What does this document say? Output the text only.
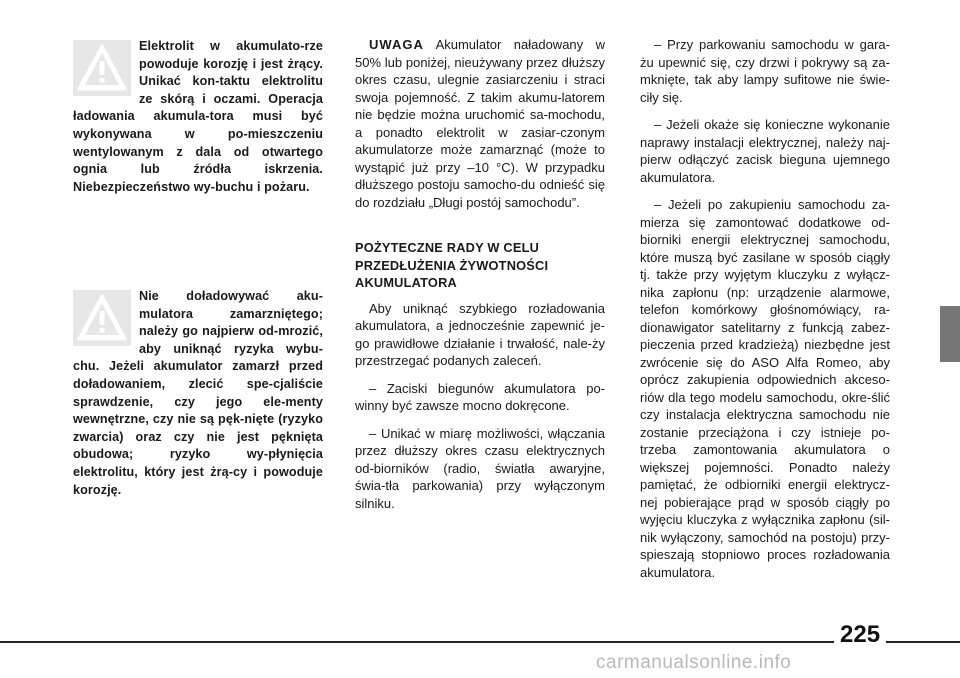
Elektrolit w akumulato-rze powoduje korozję i jest żrący. Unikać kon-taktu elektrolitu ze skórą i oczami. Operacja ładowania akumula-tora musi być wykonywana w po-mieszczeniu wentylowanym z dala od otwartego ognia lub źródła iskrzenia. Niebezpieczeństwo wy-buchu i pożaru.
Nie doładowywać aku-mulatora zamarzniętego; należy go najpierw od-mrozić, aby uniknąć ryzyka wybu-chu. Jeżeli akumulator zamarzł przed doładowaniem, zlecić spe-cjaliście sprawdzenie, czy jego ele-menty wewnętrzne, czy nie są pęk-nięte (ryzyko zwarcia) oraz czy nie jest pęknięta obudowa; ryzyko wy-płynięcia elektrolitu, który jest żrą-cy i powoduje korozję.

UWAGA Akumulator naładowany w 50% lub poniżej, nieużywany przez dłuższy okres czasu, ulegnie zasiarczeniu i straci swoja pojemność. Z takim akumu-latorem nie będzie można uruchomić sa-mochodu, a ponadto elektrolit w zasiar-czonym akumulatorze może zamarznąć (może to wystąpić już przy –10 °C). W przypadku dłuższego postoju samocho-du odnieść się do rozdziału „Długi postój samochodu”.

POŻYTECZNE RADY W CELU PRZEDŁUŻENIA ŻYWOTNOŚCI AKUMULATORA

Aby uniknąć szybkiego rozładowania akumulatora, a jednocześnie zapewnić je-go prawidłowe działanie i trwałość, nale-ży przestrzegać podanych zaleceń.

– Zaciski biegunów akumulatora po-winny być zawsze mocno dokręcone.

– Unikać w miarę możliwości, włączania przez dłuższy okres czasu elektrycznych od-biorników (radio, światła awaryjne, świa-tła parkowania) przy wyłączonym silniku.

– Przy parkowaniu samochodu w gara-żu upewnić się, czy drzwi i pokrywy są za-mknięte, tak aby lampy sufitowe nie świe-ciły się.

– Jeżeli okaże się konieczne wykonanie naprawy instalacji elektrycznej, należy naj-pierw odłączyć zacisk bieguna ujemnego akumulatora.

– Jeżeli po zakupieniu samochodu za-mierza się zamontować dodatkowe od-biorniki energii elektrycznej samochodu, które muszą być zasilane w sposób ciągły tj. także przy wyjętym kluczyku z wyłącz-nika zapłonu (np: urządzenie alarmowe, telefon komórkowy głośnomówiący, ra-dionawigator satelitarny z funkcją zabez-pieczenia przed kradzieżą) niezbędne jest zwrócenie się do ASO Alfa Romeo, aby oprócz zakupienia odpowiednich akceso-riów dla tego modelu samochodu, okre-ślić czy instalacja elektryczna samochodu nie zostanie przeciążona i czy istnieje po-trzeba zamontowania akumulatora o większej pojemności. Ponadto należy pamiętać, że odbiorniki energii elektrycz-nej pobierające prąd w sposób ciągły po wyjęciu kluczyka z wyłącznika zapłonu (sil-nik wyłączony, samochód na postoju) przy-spieszają stopniowo proces rozładowania akumulatora.

225
carmanualsonline.info
